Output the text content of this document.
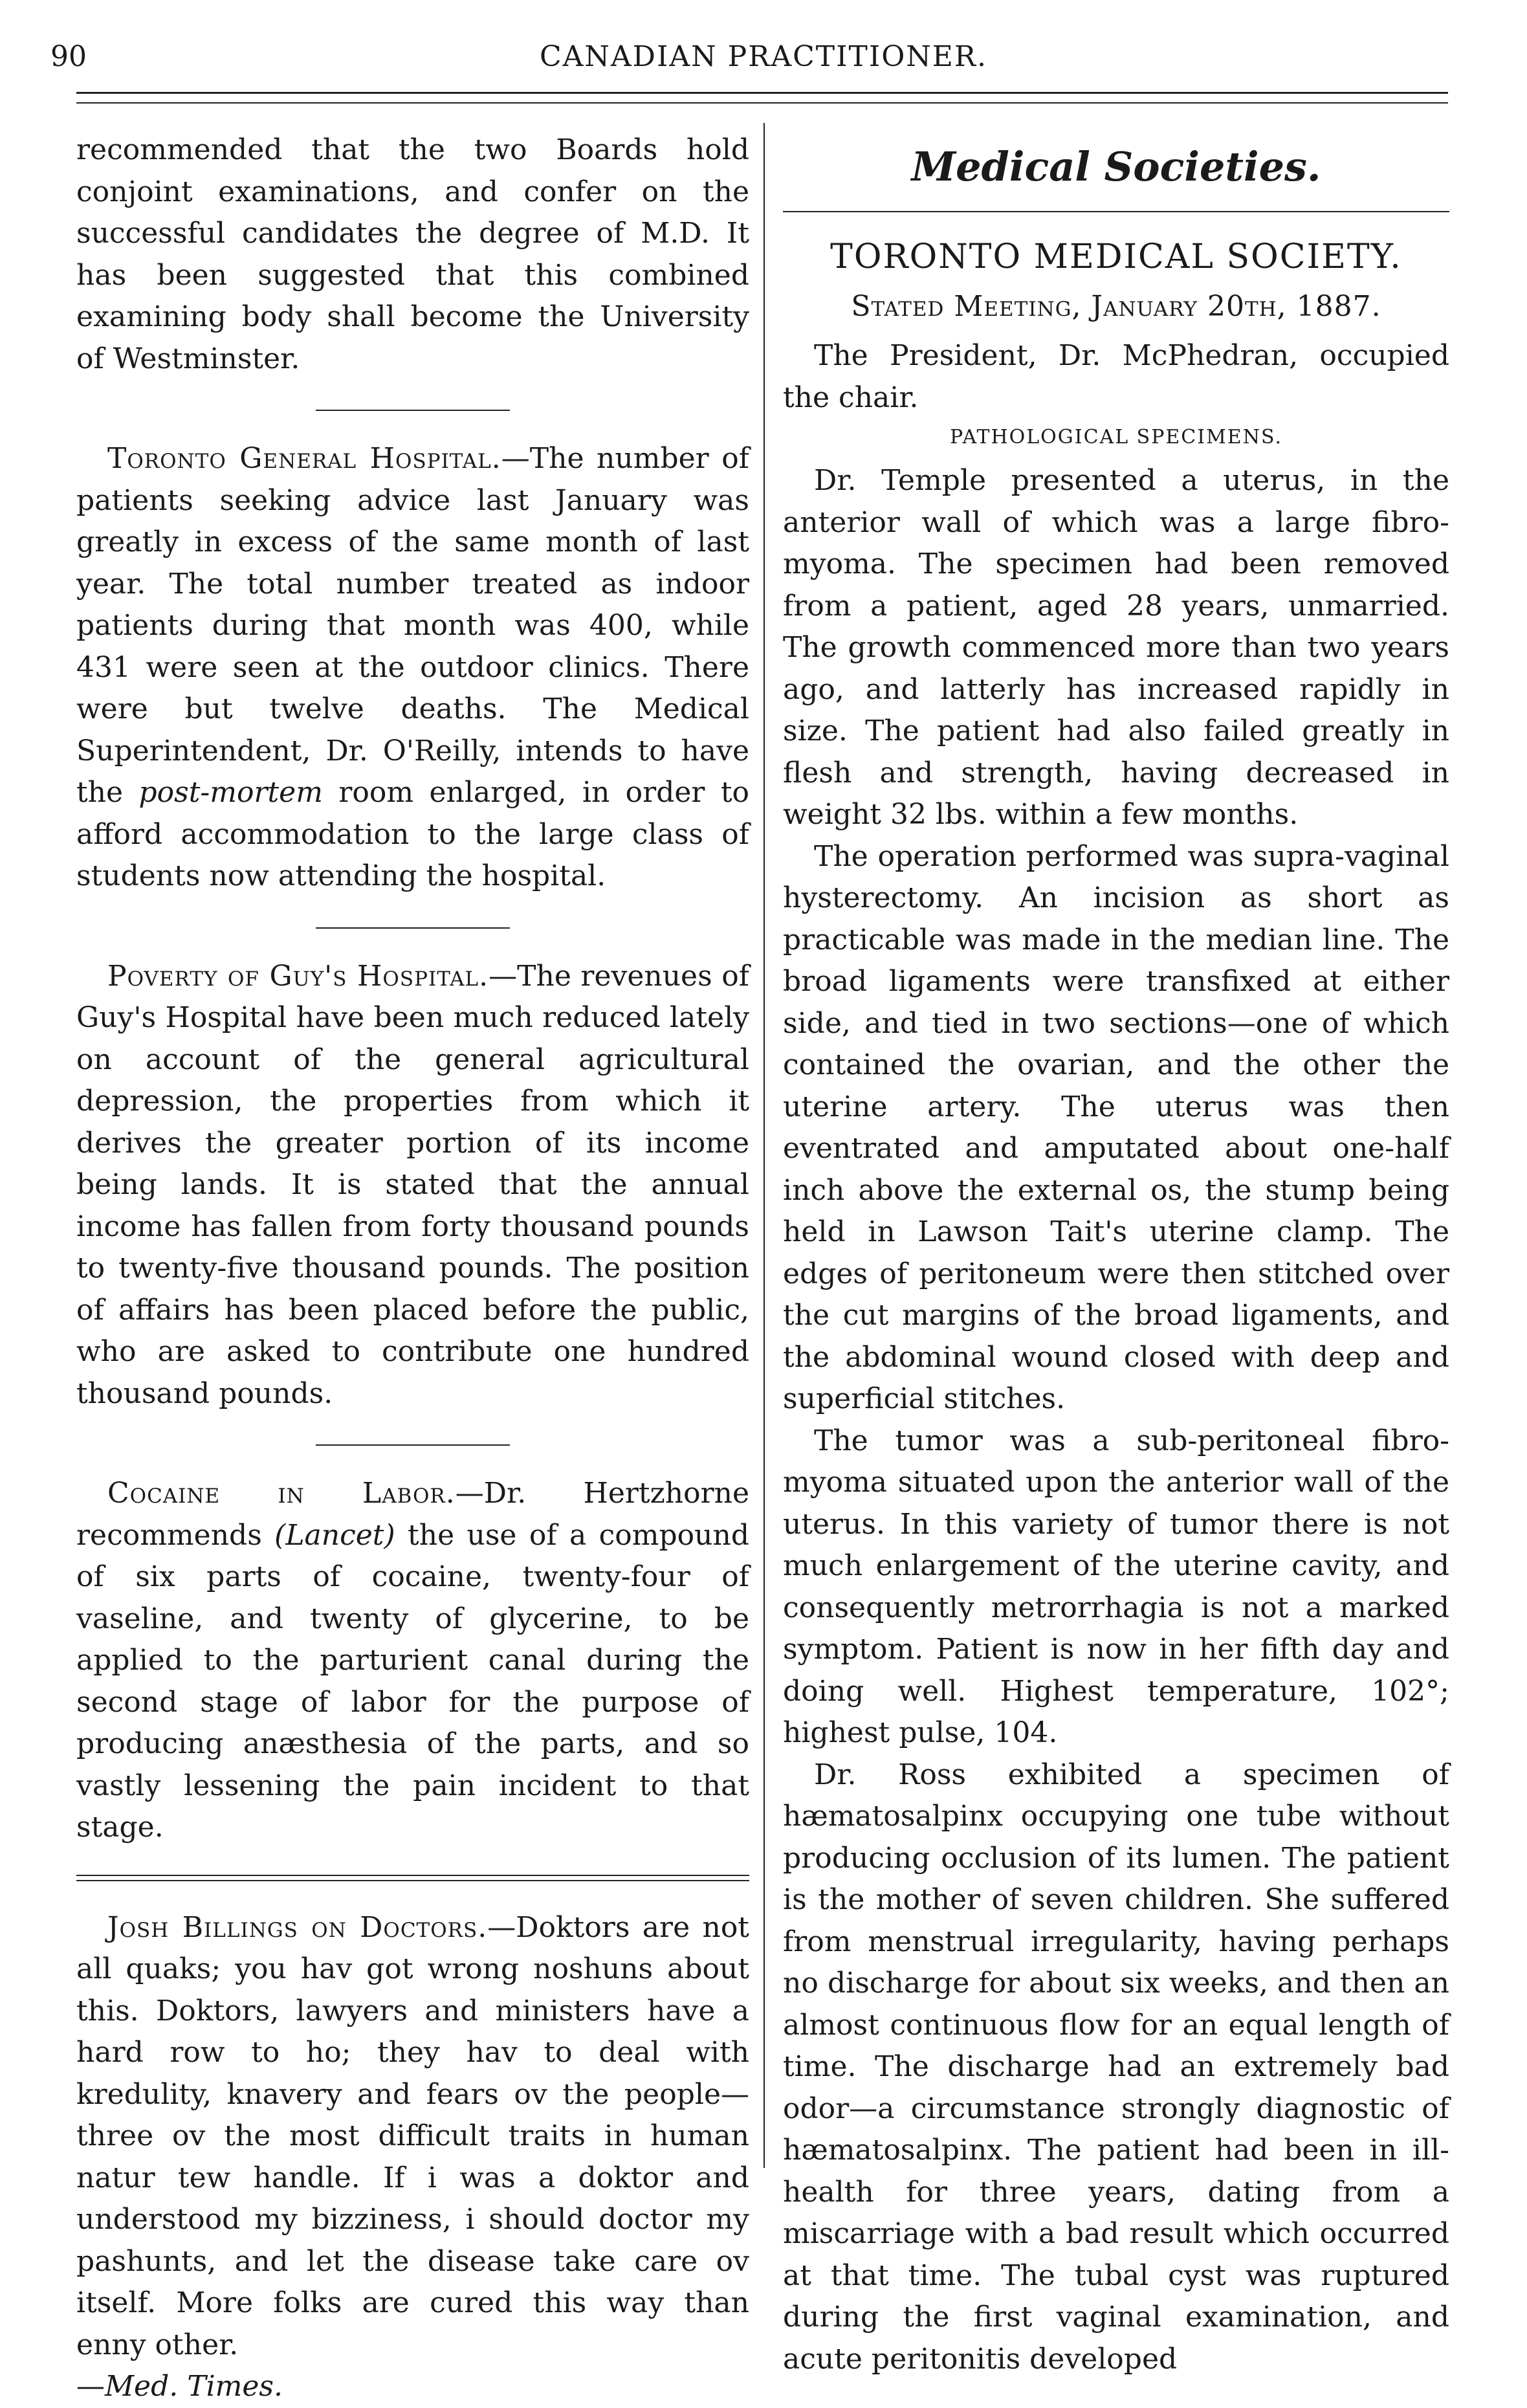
90	CANADIAN PRACTITIONER.

recommended that the two Boards hold conjoint examinations, and confer on the successful candidates the degree of M.D. It has been suggested that this combined examining body shall become the University of Westminster.

Toronto General Hospital.—The number of patients seeking advice last January was greatly in excess of the same month of last year. The total number treated as indoor patients during that month was 400, while 431 were seen at the outdoor clinics. There were but twelve deaths. The Medical Superintendent, Dr. O'Reilly, intends to have the post-mortem room enlarged, in order to afford accommodation to the large class of students now attending the hospital.

Poverty of Guy's Hospital.—The revenues of Guy's Hospital have been much reduced lately on account of the general agricultural depression, the properties from which it derives the greater portion of its income being lands. It is stated that the annual income has fallen from forty thousand pounds to twenty-five thousand pounds. The position of affairs has been placed before the public, who are asked to contribute one hundred thousand pounds.

Cocaine in Labor.—Dr. Hertzhorne recommends (Lancet) the use of a compound of six parts of cocaine, twenty-four of vaseline, and twenty of glycerine, to be applied to the parturient canal during the second stage of labor for the purpose of producing anæsthesia of the parts, and so vastly lessening the pain incident to that stage.

Josh Billings on Doctors.—Doktors are not all quaks; you hav got wrong noshuns about this. Doktors, lawyers and ministers have a hard row to ho; they hav to deal with kredulity, knavery and fears ov the people—three ov the most difficult traits in human natur tew handle. If i was a doktor and understood my bizziness, i should doctor my pashunts, and let the disease take care ov itself. More folks are cured this way than enny other.

—Med. Times.

Medical Societies.
TORONTO MEDICAL SOCIETY.
Stated Meeting, January 20th, 1887.

The President, Dr. McPhedran, occupied the chair.

PATHOLOGICAL SPECIMENS.

Dr. Temple presented a uterus, in the anterior wall of which was a large fibro-myoma. The specimen had been removed from a patient, aged 28 years, unmarried. The growth commenced more than two years ago, and latterly has increased rapidly in size. The patient had also failed greatly in flesh and strength, having decreased in weight 32 lbs. within a few months.

The operation performed was supra-vaginal hysterectomy. An incision as short as practicable was made in the median line. The broad ligaments were transfixed at either side, and tied in two sections—one of which contained the ovarian, and the other the uterine artery. The uterus was then eventrated and amputated about one-half inch above the external os, the stump being held in Lawson Tait's uterine clamp. The edges of peritoneum were then stitched over the cut margins of the broad ligaments, and the abdominal wound closed with deep and superficial stitches.

The tumor was a sub-peritoneal fibro-myoma situated upon the anterior wall of the uterus. In this variety of tumor there is not much enlargement of the uterine cavity, and consequently metrorrhagia is not a marked symptom. Patient is now in her fifth day and doing well. Highest temperature, 102°; highest pulse, 104.

Dr. Ross exhibited a specimen of hæmatosalpinx occupying one tube without producing occlusion of its lumen. The patient is the mother of seven children. She suffered from menstrual irregularity, having perhaps no discharge for about six weeks, and then an almost continuous flow for an equal length of time. The discharge had an extremely bad odor—a circumstance strongly diagnostic of hæmatosalpinx. The patient had been in ill-health for three years, dating from a miscarriage with a bad result which occurred at that time. The tubal cyst was ruptured during the first vaginal examination, and acute peritonitis developed
